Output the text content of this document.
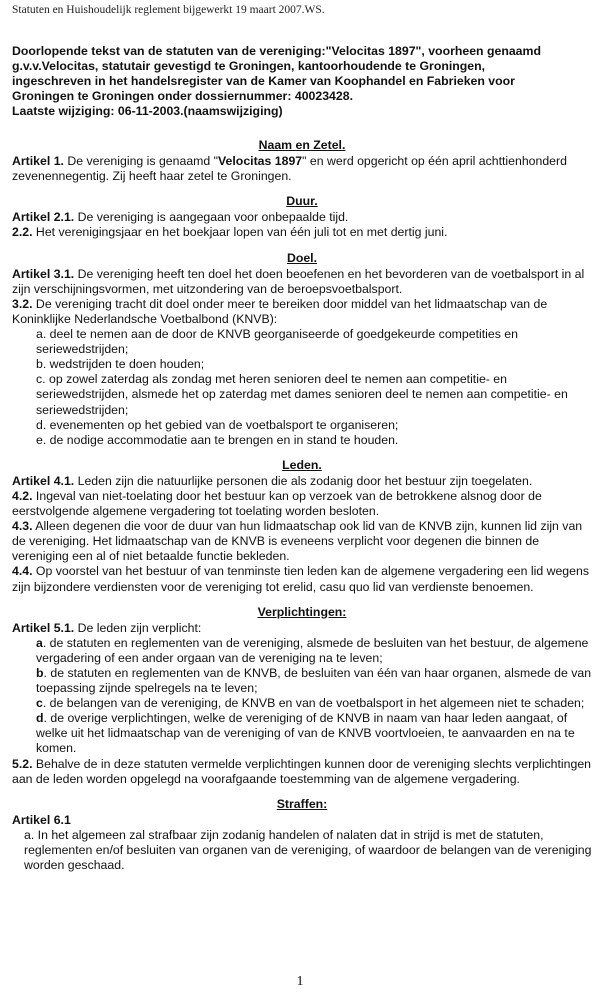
Statuten en Huishoudelijk reglement bijgewerkt 19 maart 2007.WS.
Doorlopende tekst van de statuten van de vereniging:"Velocitas 1897", voorheen genaamd
g.v.v.Velocitas, statutair gevestigd te Groningen, kantoorhoudende te Groningen,
ingeschreven in het handelsregister van de Kamer van Koophandel en Fabrieken voor
Groningen te Groningen onder dossiernummer: 40023428.
Laatste wijziging: 06-11-2003.(naamswijziging)
Naam en Zetel.

Artikel 1. De vereniging is genaamd "Velocitas 1897" en werd opgericht op één april achttienhonderd zevenennegentig. Zij heeft haar zetel te Groningen.

Duur.

Artikel 2.1. De vereniging is aangegaan voor onbepaalde tijd.

2.2. Het verenigingsjaar en het boekjaar lopen van één juli tot en met dertig juni.

Doel.

Artikel 3.1. De vereniging heeft ten doel het doen beoefenen en het bevorderen van de voetbalsport in al zijn verschijningsvormen, met uitzondering van de beroepsvoetbalsport.

3.2. De vereniging tracht dit doel onder meer te bereiken door middel van het lidmaatschap van de Koninklijke Nederlandsche Voetbalbond (KNVB):

a. deel te nemen aan de door de KNVB georganiseerde of goedgekeurde competities en seriewedstrijden;

b. wedstrijden te doen houden;

c. op zowel zaterdag als zondag met heren senioren deel te nemen aan competitie- en seriewedstrijden, alsmede het op zaterdag met dames senioren deel te nemen aan competitie- en seriewedstrijden;

d. evenementen op het gebied van de voetbalsport te organiseren;

e. de nodige accommodatie aan te brengen en in stand te houden.

Leden.

Artikel 4.1. Leden zijn die natuurlijke personen die als zodanig door het bestuur zijn toegelaten.

4.2. Ingeval van niet-toelating door het bestuur kan op verzoek van de betrokkene alsnog door de eerstvolgende algemene vergadering tot toelating worden besloten.

4.3. Alleen degenen die voor de duur van hun lidmaatschap ook lid van de KNVB zijn, kunnen lid zijn van de vereniging. Het lidmaatschap van de KNVB is eveneens verplicht voor degenen die binnen de vereniging een al of niet betaalde functie bekleden.

4.4. Op voorstel van het bestuur of van tenminste tien leden kan de algemene vergadering een lid wegens zijn bijzondere verdiensten voor de vereniging tot erelid, casu quo lid van verdienste benoemen.

Verplichtingen:

Artikel 5.1. De leden zijn verplicht:

a. de statuten en reglementen van de vereniging, alsmede de besluiten van het bestuur, de algemene vergadering of een ander orgaan van de vereniging na te leven;

b. de statuten en reglementen van de KNVB, de besluiten van één van haar organen, alsmede de van toepassing zijnde spelregels na te leven;

c. de belangen van de vereniging, de KNVB en van de voetbalsport in het algemeen niet te schaden;

d. de overige verplichtingen, welke de vereniging of de KNVB in naam van haar leden aangaat, of welke uit het lidmaatschap van de vereniging of van de KNVB voortvloeien, te aanvaarden en na te komen.

5.2. Behalve de in deze statuten vermelde verplichtingen kunnen door de vereniging slechts verplichtingen aan de leden worden opgelegd na voorafgaande toestemming van de algemene vergadering.

Straffen:

Artikel 6.1

a. In het algemeen zal strafbaar zijn zodanig handelen of nalaten dat in strijd is met de statuten, reglementen en/of besluiten van organen van de vereniging, of waardoor de belangen van de vereniging worden geschaad.

1
